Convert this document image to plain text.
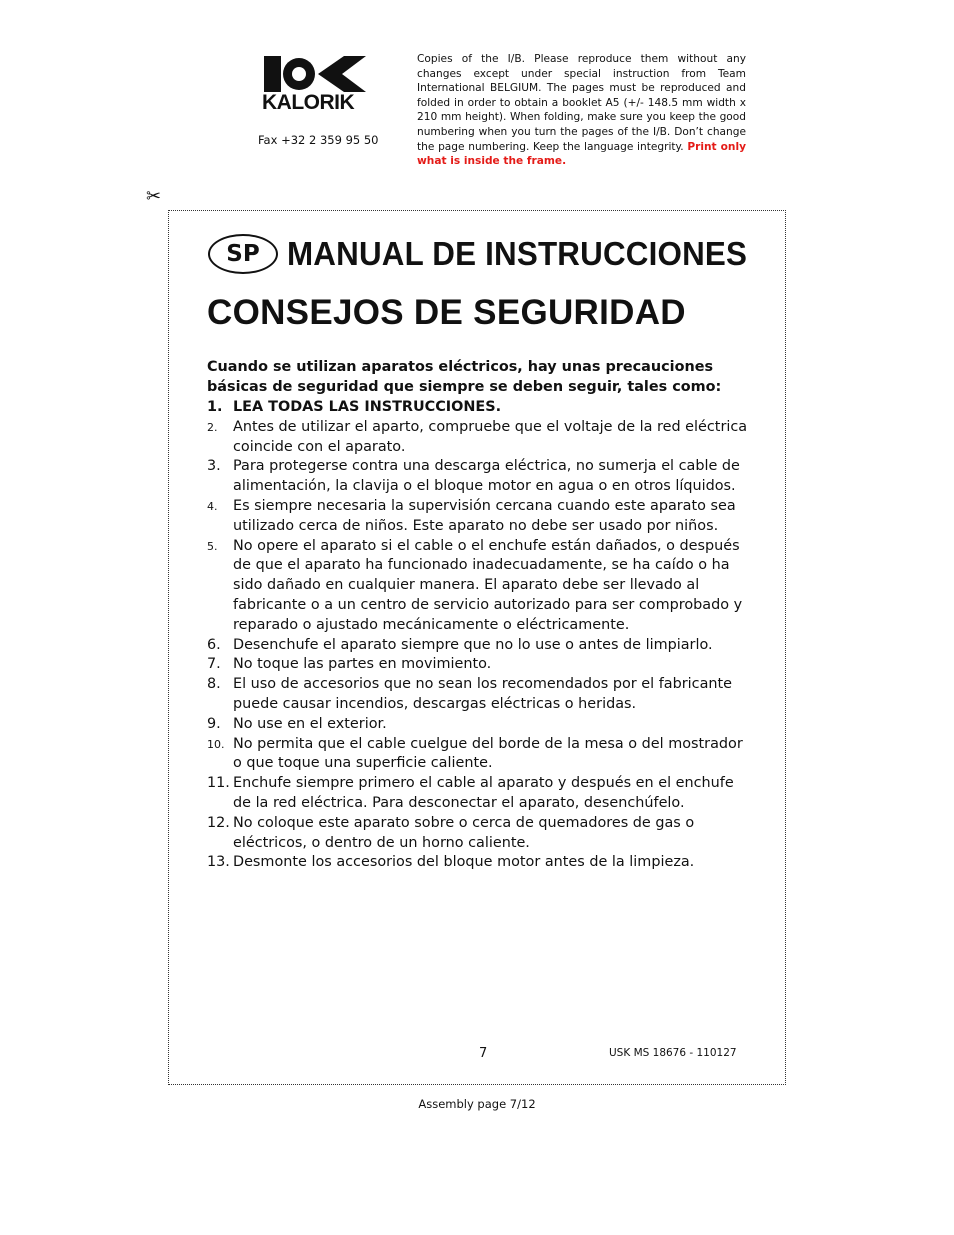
KALORIK
Fax +32 2 359 95 50
Copies of the I/B. Please reproduce them without any changes except under special instruction from Team International BELGIUM. The pages must be reproduced and folded in order to obtain a booklet A5 (+/- 148.5 mm width x 210 mm height). When folding, make sure you keep the good numbering when you turn the pages of the I/B. Don’t change the page numbering. Keep the language integrity. Print only what is inside the frame.
✂
SP MANUAL DE INSTRUCCIONES
CONSEJOS DE SEGURIDAD
Cuando se utilizan aparatos eléctricos, hay unas precauciones básicas de seguridad que siempre se deben seguir, tales como:
1. LEA TODAS LAS INSTRUCCIONES.
2.	Antes de utilizar el aparto, compruebe que el voltaje de la red eléctrica coincide con el aparato.
3. Para protegerse contra una descarga eléctrica, no sumerja el cable de alimentación, la clavija o el bloque motor en agua o en otros líquidos.
4.	Es siempre necesaria la supervisión cercana cuando este aparato sea utilizado cerca de niños. Este aparato no debe ser usado por niños.
5.	No opere el aparato si el cable o el enchufe están dañados, o después de que el aparato ha funcionado inadecuadamente, se ha caído o ha sido dañado en cualquier manera. El aparato debe ser llevado al fabricante o a un centro de servicio autorizado para ser comprobado y reparado o ajustado mecánicamente o eléctricamente.
6. Desenchufe el aparato siempre que no lo use o antes de limpiarlo.
7. No toque las partes en movimiento.
8. El uso de accesorios que no sean los recomendados por el fabricante puede causar incendios, descargas eléctricas o heridas.
9. No use en el exterior.
10. No permita que el cable cuelgue del borde de la mesa o del mostrador o que toque una superficie caliente.
11. Enchufe siempre primero el cable al aparato y después en el enchufe de la red eléctrica. Para desconectar el aparato, desenchúfelo.
12. No coloque este aparato sobre o cerca de quemadores de gas o eléctricos, o dentro de un horno caliente.
13. Desmonte los accesorios del bloque motor antes de la limpieza.
7	USK MS 18676 - 110127
Assembly page 7/12
